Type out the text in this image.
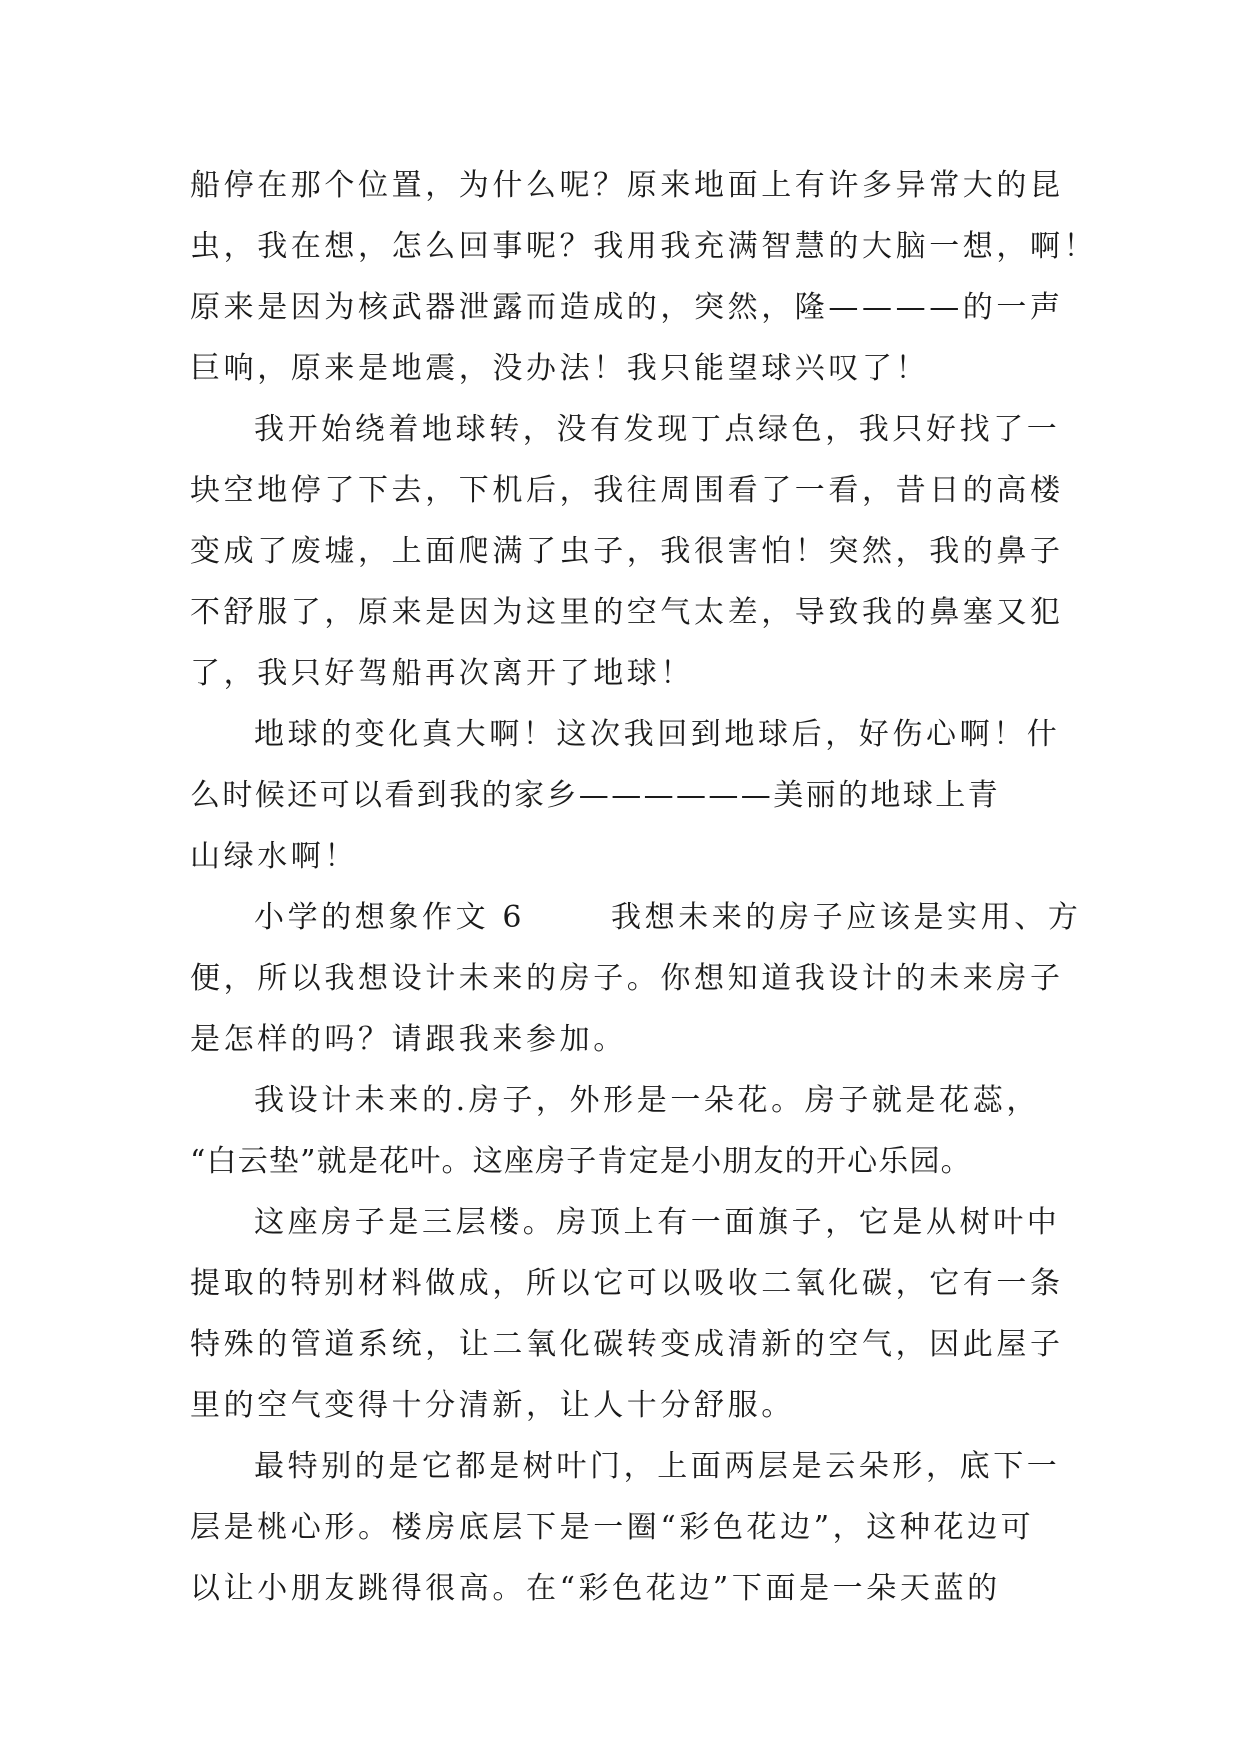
船停在那个位置，为什么呢？原来地面上有许多异常大的昆
虫，我在想，怎么回事呢？我用我充满智慧的大脑一想，啊！
原来是因为核武器泄露而造成的，突然，隆————的一声
巨响，原来是地震，没办法！我只能望球兴叹了！
我开始绕着地球转，没有发现丁点绿色，我只好找了一
块空地停了下去，下机后，我往周围看了一看，昔日的高楼
变成了废墟，上面爬满了虫子，我很害怕！突然，我的鼻子
不舒服了，原来是因为这里的空气太差，导致我的鼻塞又犯
了，我只好驾船再次离开了地球！
地球的变化真大啊！这次我回到地球后，好伤心啊！什
么时候还可以看到我的家乡——————美丽的地球上青
山绿水啊！
小学的想象作文 6	我想未来的房子应该是实用、方
便，所以我想设计未来的房子。你想知道我设计的未来房子
是怎样的吗？请跟我来参加。
我设计未来的.房子，外形是一朵花。房子就是花蕊，
“白云垫”就是花叶。这座房子肯定是小朋友的开心乐园。
这座房子是三层楼。房顶上有一面旗子，它是从树叶中
提取的特别材料做成，所以它可以吸收二氧化碳，它有一条
特殊的管道系统，让二氧化碳转变成清新的空气，因此屋子
里的空气变得十分清新，让人十分舒服。
最特别的是它都是树叶门，上面两层是云朵形，底下一
层是桃心形。楼房底层下是一圈“彩色花边”，这种花边可
以让小朋友跳得很高。在“彩色花边”下面是一朵天蓝的
